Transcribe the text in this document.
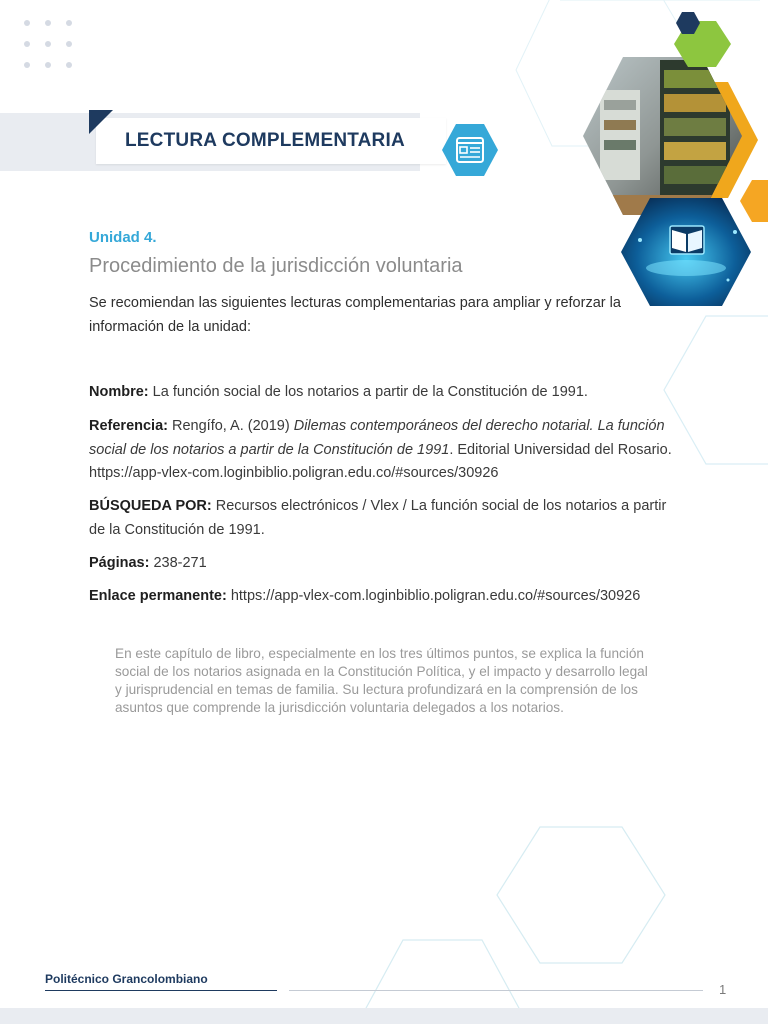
LECTURA COMPLEMENTARIA
Unidad 4.
Procedimiento de la jurisdicción voluntaria
Se recomiendan las siguientes lecturas complementarias para ampliar y reforzar la información de la unidad:
Nombre: La función social de los notarios a partir de la Constitución de 1991.
Referencia: Rengífo, A. (2019) Dilemas contemporáneos del derecho notarial. La función social de los notarios a partir de la Constitución de 1991. Editorial Universidad del Rosario. https://app-vlex-com.loginbiblio.poligran.edu.co/#sources/30926
BÚSQUEDA POR: Recursos electrónicos / Vlex / La función social de los notarios a partir de la Constitución de 1991.
Páginas: 238-271
Enlace permanente: https://app-vlex-com.loginbiblio.poligran.edu.co/#sources/30926
En este capítulo de libro, especialmente en los tres últimos puntos, se explica la función social de los notarios asignada en la Constitución Política, y el impacto y desarrollo legal y jurisprudencial en temas de familia. Su lectura profundizará en la comprensión de los asuntos que comprende la jurisdicción voluntaria delegados a los notarios.
Politécnico Grancolombiano
1
